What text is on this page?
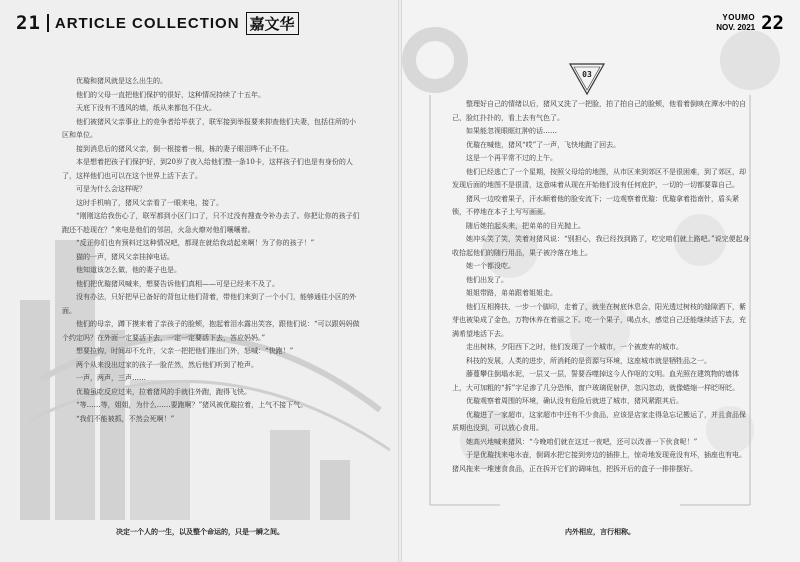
21 ARTICLE COLLECTION 嘉文华

优璇和猪风就是这么出生的。

他们的父母一直把他们保护的很好，这种情况持续了十五年。

天底下没有不透风的墙，纸从来都包不住火。

他们被猪风父亲事业上的竞争者给毕获了，联军接到举报要来抑查他们夫妻，包括住所的小区和单位。

接到消息后的猪风父亲，倒一根接着一根，栋的妻子眼泪哗不止不住。

本是想着把孩子们保护好，到20岁了夜入给他们整一条10卡，这样孩子们也是有身份的人了，这样他们也可以在这个世界上活下去了。

可是为什么会这样呢？

这时手机响了，猪风父亲看了一眼来电，接了。

“刚刚这给我伤心了，联军都到小区门口了，只不过没有搜查令补办去了。你把让你的孩子们跑还不趁现在？”来电是他们的邻居，火急火燎对他们嚷嚷着。

“反正你们也有预料过这种情况吧，都现在就给我动起来啊！为了你的孩子！”

猫的一声，猪风父亲挂掉电话。

他知道该怎么做，他的妻子也是。

他们把优璇猪风喊来，想要告诉他们真相——可是已经来不及了。

没有办法，只好把早已备好的背包让他们背着，带他们来到了一个小门，能够通往小区的外面。

他们的母亲，蹲下摸来着了亲孩子的脸颊，抱起着泪水露出笑容，跟他们说：“可以跟妈妈做个约定吗？在外面一定要活下去，一定一定要活下去，答应妈妈。”

想要拉钩，时间却不允许，父亲一把把他们推出门外，怒喊：“快跑！”

两个从来没出过家的孩子一脸茫然，然后他们听到了枪声。

一声，两声，三声……

优璇虽吃反应过来，拉着猪风的手就往外跑，跑得飞快。

“等……等，姐姐，为什么……要跑啊？”猪风被优璇拉着，上气不接下气。

“我们不能被抓，不然会死啊！”

决定一个人的一生，以及整个命运的，只是一瞬之间。
YOUMO
NOV. 2021 22
03

整理好自己的情绪以后，猪风又洗了一把脸，拍了拍自己的脸颊，他看着倒映在潭水中的自己，脸红扑扑的，看上去有气色了。

如果能忽视眼眶红肿的话……

优璇在喊他，猪风“哎”了一声，飞快地跑了回去。

这是一个再平常不过的上午。

他们已经逃亡了一个星期，按照父母给的地图，从市区来到郊区不是很困难，到了郊区，却发现后面的地图不是很清，这意味着从现在开始他们没有任何庇护，一切的一切都要靠自己。

猪风一边咬着果子，汗水顺着他的脸安流下；一边观察着优璇：优璇拿着指南针，盾头紧锁，不停地在本子上写写画画。

随后她拍起头来，把弟弟的目光抛上。

她冲头笑了笑，笑着对猪风说：“别担心，我已经找到路了，吃完咱们就上路吧。”说完便起身收拾起他们的随行用品，果子被冷落在地上。

她一个都没吃。

他们出发了。

姐姐带路，弟弟跟着姐姐走。

他们互相搀扶，一步一个脚印，走着了，就坐在树底休息会，阳光透过树枝的缝隙洒下，紫芽也被染成了金色，万物休养在着丽之下。吃一个果子，喝点水，感觉自己还能继续活下去，充满希望地活下去。

走出树林，夕阳西下之时，他们发现了一个城市，一个被废弃的城市。

科技的发展，人类的进步，所消耗的是资源与环境，这座城市就是牺牲品之一。

藤蔓攀住倒塌水泥，一层又一层，誓要吞噬掉这今人作呕的文明。血光照在建筑物的墙体上，大可加粗的“拆”字足渗了几分恐怖，窗户玻璃促射伊，忽闪忽动，就像蜷缩一样眨呀眨。

优璇观察着周围的环境，确认没有危险后就进了城市，猪风紧跟其后。

优璇进了一家超市，这家超市中还有不少食品，应该是店家走得急忘记搬运了，并且食品保质期也没到，可以放心食用。

她高兴地喊来猪风：“今晚咱们就在这过一夜吧，还可以改善一下伙食呢！”

于是优璇找来电水壶，倒调水把它接到旁边的插排上，惊奇地发现竟没有坏，插座也有电。猪风拖来一堆速食食品，正在拆开它们的调味包，把拆开后的盒子一排排摆好。

内外相应，言行相称。
